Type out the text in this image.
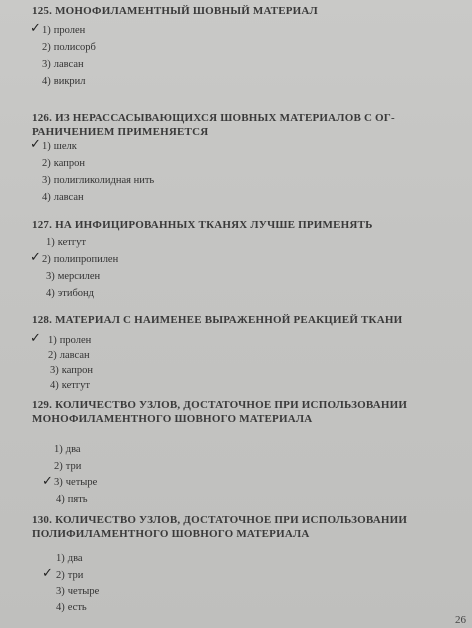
125. МОНОФИЛАМЕНТНЫЙ ШОВНЫЙ МАТЕРИАЛ
✓ 1) пролен
2) полисорб
3) лавсан
4) викрил
126. ИЗ НЕРАССАСЫВАЮЩИХСЯ ШОВНЫХ МАТЕРИАЛОВ С ОГ-
РАНИЧЕНИЕМ ПРИМЕНЯЕТСЯ
✓ 1) шелк
2) капрон
3) полигликолидная нить
4) лавсан
127. НА ИНФИЦИРОВАННЫХ ТКАНЯХ ЛУЧШЕ ПРИМЕНЯТЬ
1) кетгут
✓ 2) полипропилен
3) мерсилен
4) этибонд
128. МАТЕРИАЛ С НАИМЕНЕЕ ВЫРАЖЕННОЙ РЕАКЦИЕЙ ТКАНИ
✓ 1) пролен
2) лавсан
3) капрон
4) кетгут
129. КОЛИЧЕСТВО УЗЛОВ, ДОСТАТОЧНОЕ ПРИ ИСПОЛЬЗОВАНИИ
МОНОФИЛАМЕНТНОГО ШОВНОГО МАТЕРИАЛА
1) два
2) три
✓ 3) четыре
4) пять
130. КОЛИЧЕСТВО УЗЛОВ, ДОСТАТОЧНОЕ ПРИ ИСПОЛЬЗОВАНИИ
ПОЛИФИЛАМЕНТНОГО ШОВНОГО МАТЕРИАЛА
1) два
✓ 2) три
3) четыре
4) есть
26
